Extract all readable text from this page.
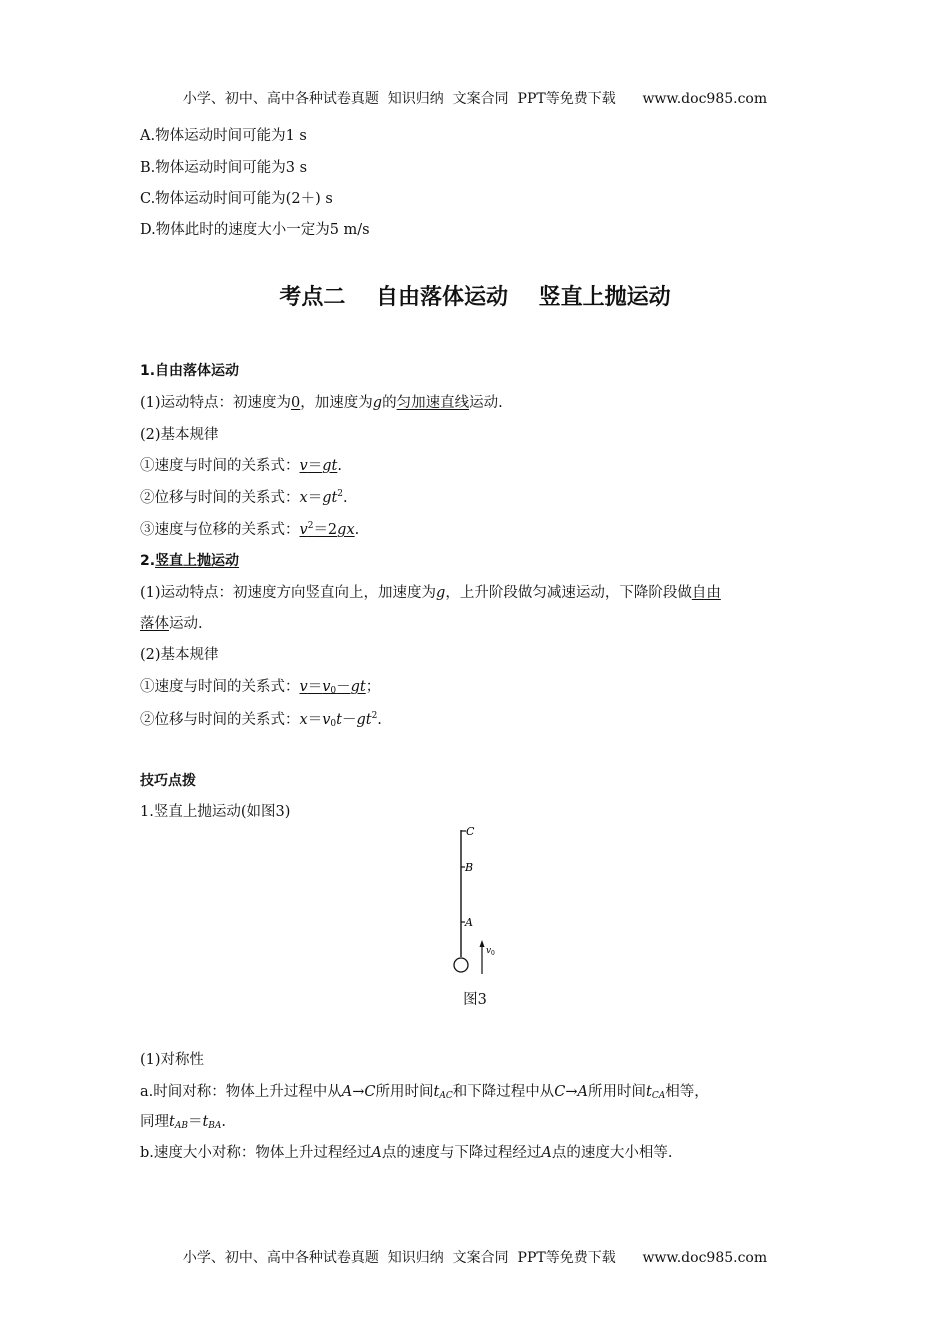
小学、初中、高中各种试卷真题  知识归纳  文案合同  PPT等免费下载      www.doc985.com
A.物体运动时间可能为1 s
B.物体运动时间可能为3 s
C.物体运动时间可能为(2＋) s
D.物体此时的速度大小一定为5 m/s
考点二    自由落体运动    竖直上抛运动
1.自由落体运动
(1)运动特点：初速度为0，加速度为g的匀加速直线运动.
(2)基本规律
①速度与时间的关系式：v＝gt.
②位移与时间的关系式：$x=gt^2$.
③速度与位移的关系式：$v^2=2gx$.
2.竖直上抛运动
(1)运动特点：初速度方向竖直向上，加速度为g，上升阶段做匀减速运动，下降阶段做自由
落体运动.
(2)基本规律
①速度与时间的关系式：v＝v0－gt；
②位移与时间的关系式：$x=v0t-gt^2$.
技巧点拨
1.竖直上抛运动(如图3)
C
B
A
v 0
图3
(1)对称性
a.时间对称：物体上升过程中从A→C所用时间$t_{AC}$和下降过程中从C→A所用时间$t_{CA}$相等，
同理$t_{AB}=t_{BA}$.
b.速度大小对称：物体上升过程经过A点的速度与下降过程经过A点的速度大小相等.
小学、初中、高中各种试卷真题  知识归纳  文案合同  PPT等免费下载      www.doc985.com
